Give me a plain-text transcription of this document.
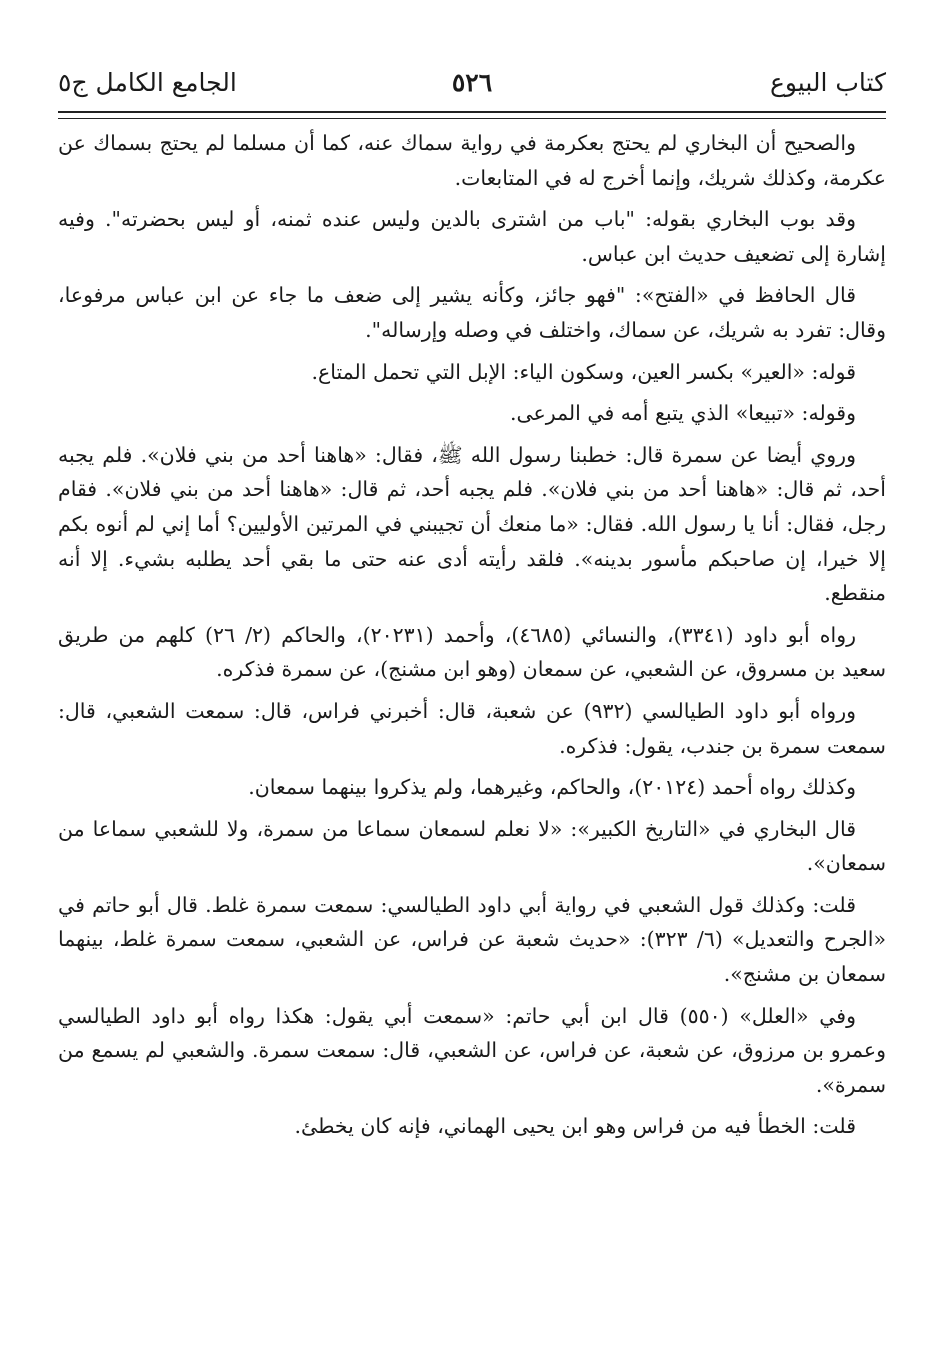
كتاب البيوع
٥٢٦
الجامع الكامل ج٥

والصحيح أن البخاري لم يحتج بعكرمة في رواية سماك عنه، كما أن مسلما لم يحتج بسماك عن عكرمة، وكذلك شريك، وإنما أخرج له في المتابعات.

وقد بوب البخاري بقوله: "باب من اشترى بالدين وليس عنده ثمنه، أو ليس بحضرته". وفيه إشارة إلى تضعيف حديث ابن عباس.

قال الحافظ في «الفتح»: "فهو جائز، وكأنه يشير إلى ضعف ما جاء عن ابن عباس مرفوعا، وقال: تفرد به شريك، عن سماك، واختلف في وصله وإرساله".

قوله: «العير» بكسر العين، وسكون الياء: الإبل التي تحمل المتاع.

وقوله: «تبيعا» الذي يتبع أمه في المرعى.

وروي أيضا عن سمرة قال: خطبنا رسول الله ﷺ، فقال: «هاهنا أحد من بني فلان». فلم يجبه أحد، ثم قال: «هاهنا أحد من بني فلان». فلم يجبه أحد، ثم قال: «هاهنا أحد من بني فلان». فقام رجل، فقال: أنا يا رسول الله. فقال: «ما منعك أن تجيبني في المرتين الأوليين؟ أما إني لم أنوه بكم إلا خيرا، إن صاحبكم مأسور بدينه». فلقد رأيته أدى عنه حتى ما بقي أحد يطلبه بشيء. إلا أنه منقطع.

رواه أبو داود (٣٣٤١)، والنسائي (٤٦٨٥)، وأحمد (٢٠٢٣١)، والحاكم (٢/ ٢٦) كلهم من طريق سعيد بن مسروق، عن الشعبي، عن سمعان (وهو ابن مشنج)، عن سمرة فذكره.

ورواه أبو داود الطيالسي (٩٣٢) عن شعبة، قال: أخبرني فراس، قال: سمعت الشعبي، قال: سمعت سمرة بن جندب، يقول: فذكره.

وكذلك رواه أحمد (٢٠١٢٤)، والحاكم، وغيرهما، ولم يذكروا بينهما سمعان.

قال البخاري في «التاريخ الكبير»: «لا نعلم لسمعان سماعا من سمرة، ولا للشعبي سماعا من سمعان».

قلت: وكذلك قول الشعبي في رواية أبي داود الطيالسي: سمعت سمرة غلط. قال أبو حاتم في «الجرح والتعديل» (٦/ ٣٢٣): «حديث شعبة عن فراس، عن الشعبي، سمعت سمرة غلط، بينهما سمعان بن مشنج».

وفي «العلل» (٥٥٠) قال ابن أبي حاتم: «سمعت أبي يقول: هكذا رواه أبو داود الطيالسي وعمرو بن مرزوق، عن شعبة، عن فراس، عن الشعبي، قال: سمعت سمرة. والشعبي لم يسمع من سمرة».

قلت: الخطأ فيه من فراس وهو ابن يحيى الهماني، فإنه كان يخطئ.
